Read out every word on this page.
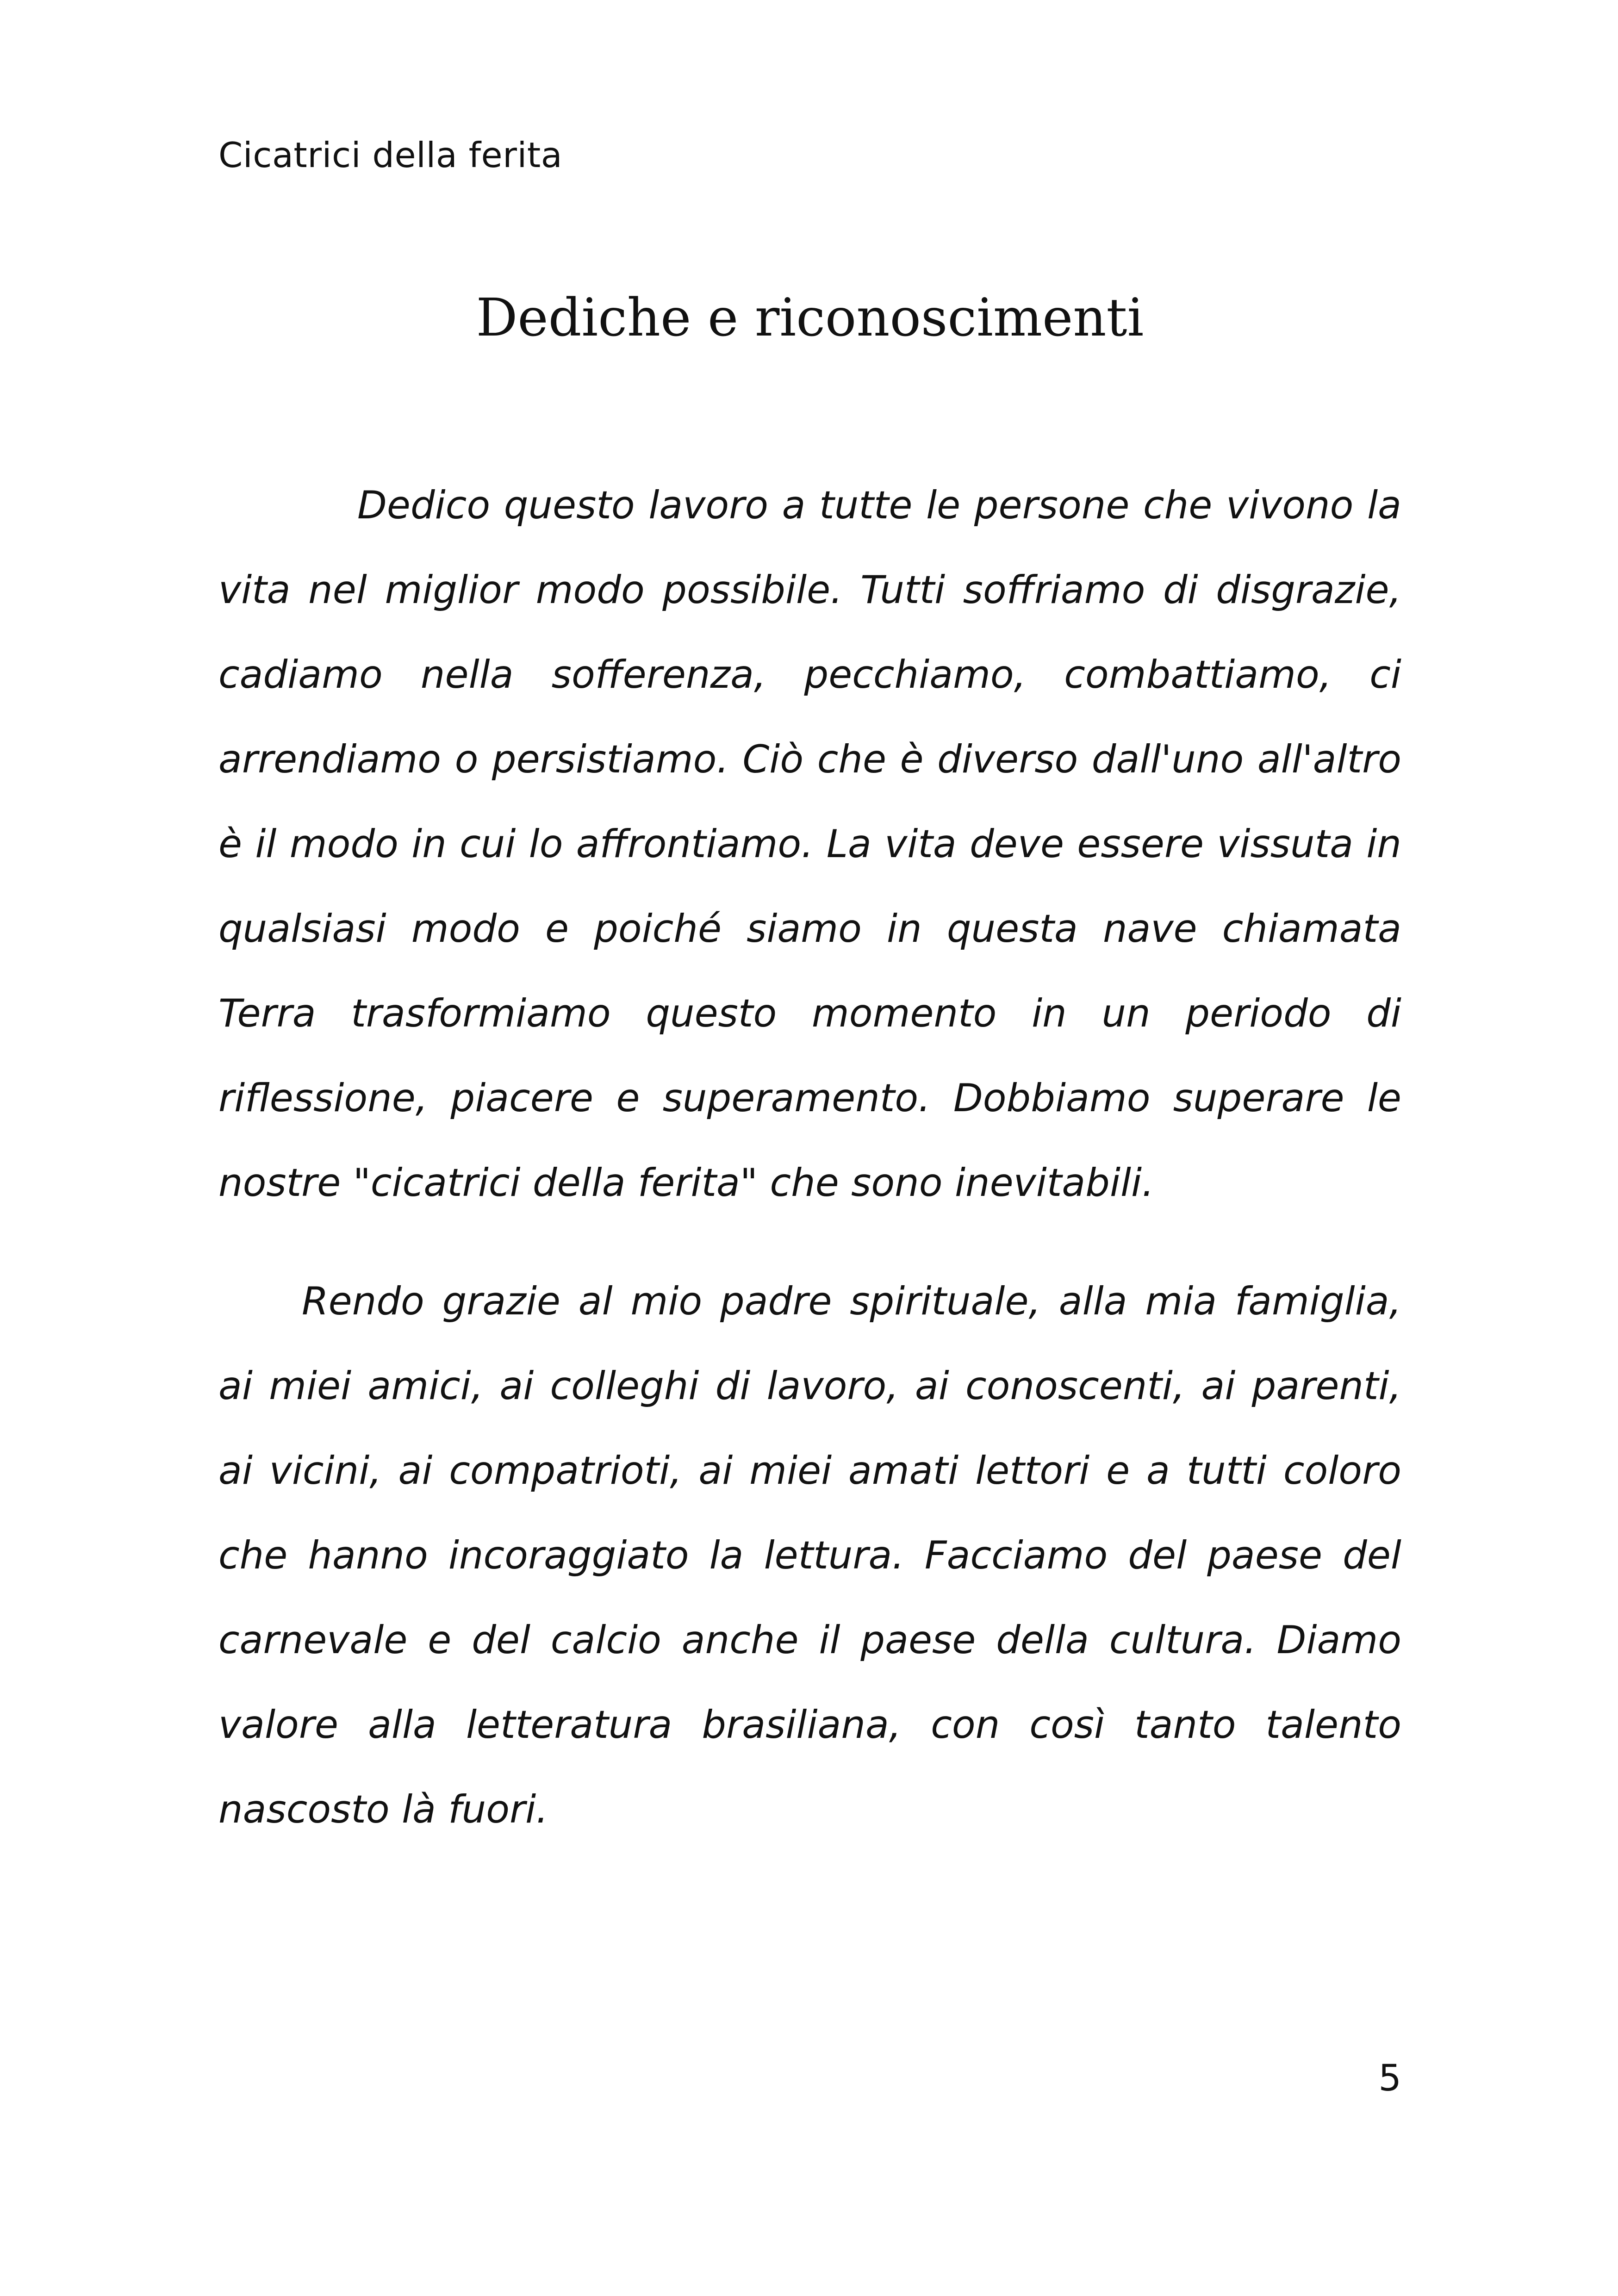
Cicatrici della ferita
Dediche e riconoscimenti

Dedico questo lavoro a tutte le persone che vivono la vita nel miglior modo possibile. Tutti soffriamo di disgrazie, cadiamo nella sofferenza, pecchiamo, combattiamo, ci arrendiamo o persistiamo. Ciò che è diverso dall'uno all'altro è il modo in cui lo affrontiamo. La vita deve essere vissuta in qualsiasi modo e poiché siamo in questa nave chiamata Terra trasformiamo questo momento in un periodo di riflessione, piacere e superamento. Dobbiamo superare le nostre "cicatrici della ferita" che sono inevitabili.

Rendo grazie al mio padre spirituale, alla mia famiglia, ai miei amici, ai colleghi di lavoro, ai conoscenti, ai parenti, ai vicini, ai compatrioti, ai miei amati lettori e a tutti coloro che hanno incoraggiato la lettura. Facciamo del paese del carnevale e del calcio anche il paese della cultura. Diamo valore alla letteratura brasiliana, con così tanto talento nascosto là fuori.

5
